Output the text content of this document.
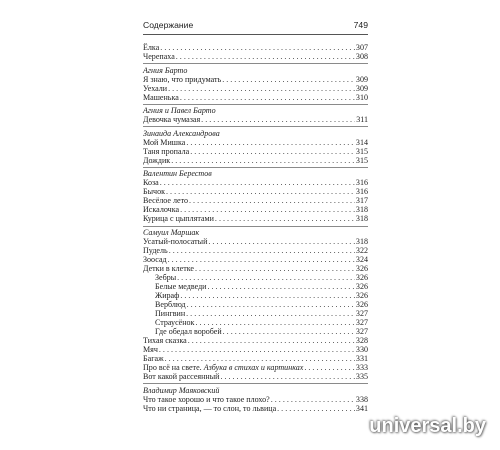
Содержание	749
Ёлка . . .	307
Черепаха . . .	308
Агния Барто
Я знаю, что придумать . . .	309
Уехали . . .	309
Машенька . . .	310
Агния и Павел Барто
Девочка чумазая . . .	311
Зинаида Александрова
Мой Мишка . . .	314
Таня пропала . . .	315
Дождик . . .	315
Валентин Берестов
Коза . . .	316
Бычок . . .	316
Весёлое лето . . .	317
Искалочка . . .	318
Курица с цыплятами . . .	318
Самуил Маршак
Усатый-полосатый . . .	318
Пудель . . .	322
Зоосад . . .	324
Детки в клетке . . .	326
Зебры . . .	326
Белые медведи . . .	326
Жираф . . .	326
Верблюд . . .	326
Пингвин . . .	327
Страусёнок . . .	327
Где обедал воробей . . .	327
Тихая сказка . . .	328
Мяч . . .	330
Багаж . . .	331
Про всё на свете. Азбука в стихах и картинках . . .	333
Вот какой рассеянный . . .	335
Владимир Маяковский
Что такое хорошо и что такое плохо? . . .	338
Что ни страница, — то слон, то львица . . .	341
universal.by
